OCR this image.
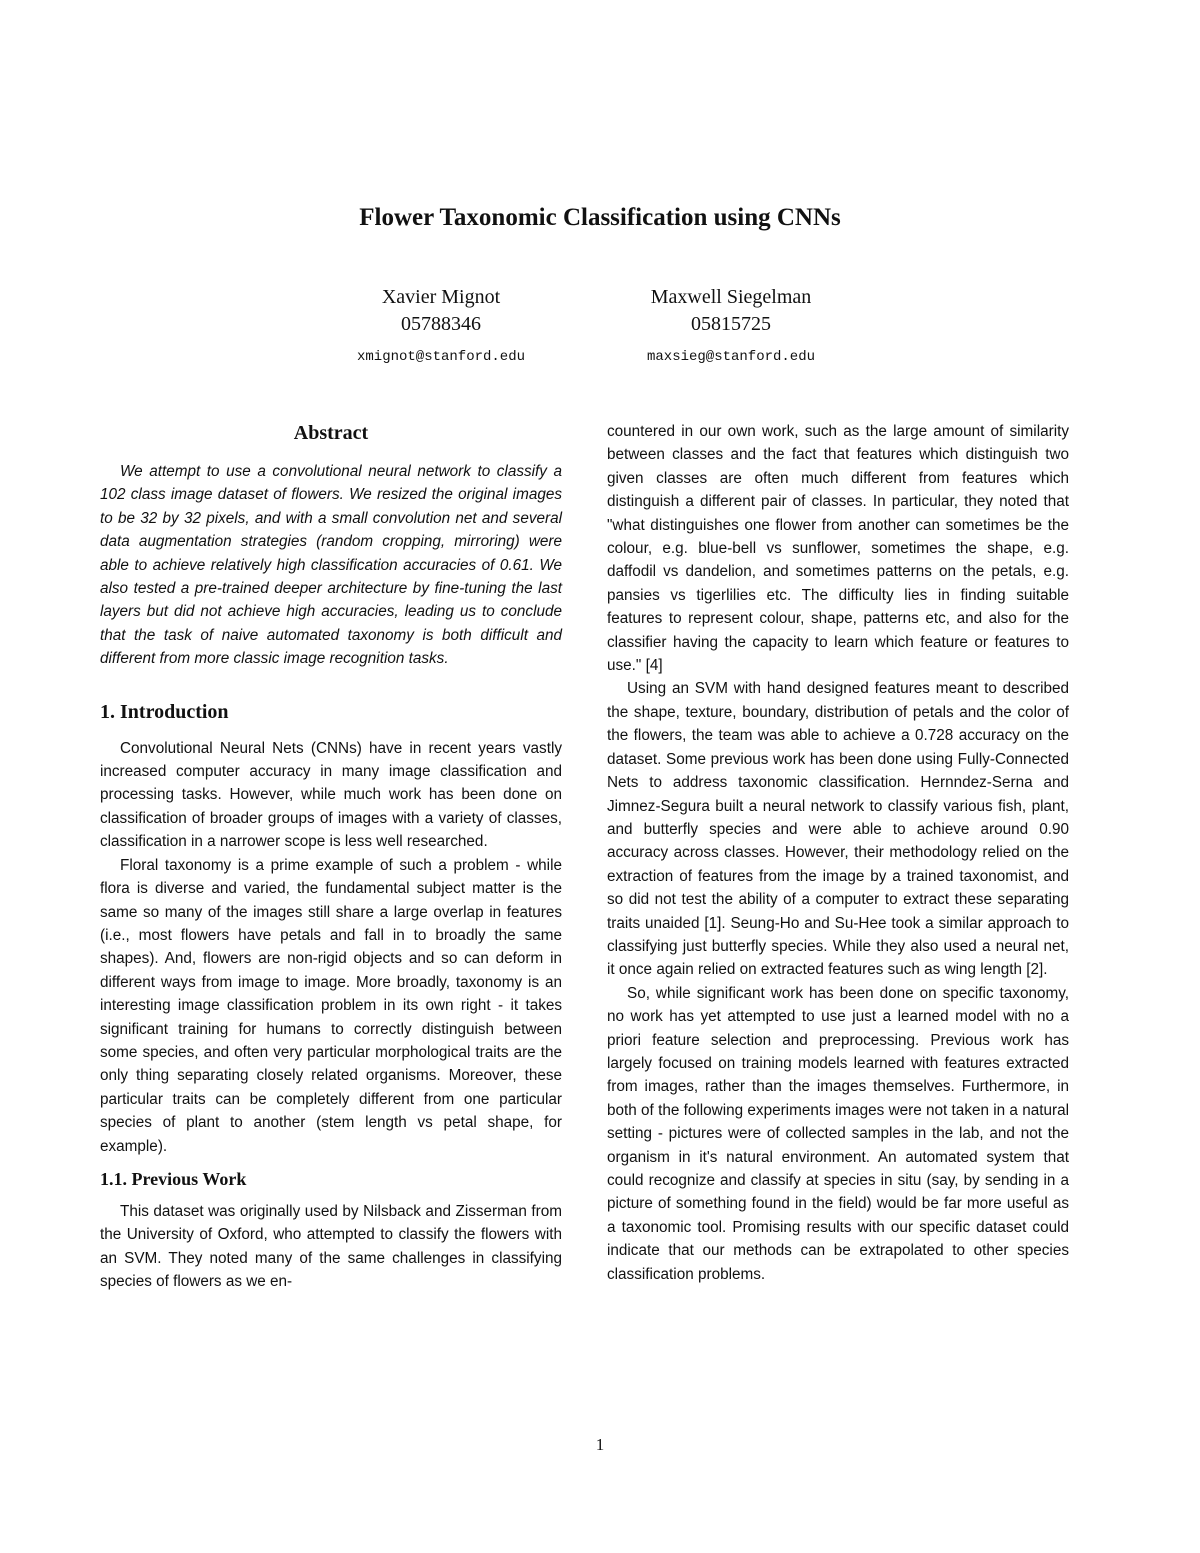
Flower Taxonomic Classification using CNNs
Xavier Mignot
05788346
xmignot@stanford.edu
Maxwell Siegelman
05815725
maxsieg@stanford.edu
Abstract

We attempt to use a convolutional neural network to classify a 102 class image dataset of flowers. We resized the original images to be 32 by 32 pixels, and with a small convolution net and several data augmentation strategies (random cropping, mirroring) were able to achieve relatively high classification accuracies of 0.61. We also tested a pre-trained deeper architecture by fine-tuning the last layers but did not achieve high accuracies, leading us to conclude that the task of naive automated taxonomy is both difficult and different from more classic image recognition tasks.

1. Introduction

Convolutional Neural Nets (CNNs) have in recent years vastly increased computer accuracy in many image classification and processing tasks. However, while much work has been done on classification of broader groups of images with a variety of classes, classification in a narrower scope is less well researched.

Floral taxonomy is a prime example of such a problem - while flora is diverse and varied, the fundamental subject matter is the same so many of the images still share a large overlap in features (i.e., most flowers have petals and fall in to broadly the same shapes). And, flowers are non-rigid objects and so can deform in different ways from image to image. More broadly, taxonomy is an interesting image classification problem in its own right - it takes significant training for humans to correctly distinguish between some species, and often very particular morphological traits are the only thing separating closely related organisms. Moreover, these particular traits can be completely different from one particular species of plant to another (stem length vs petal shape, for example).

1.1. Previous Work

This dataset was originally used by Nilsback and Zisserman from the University of Oxford, who attempted to classify the flowers with an SVM. They noted many of the same challenges in classifying species of flowers as we en-

countered in our own work, such as the large amount of similarity between classes and the fact that features which distinguish two given classes are often much different from features which distinguish a different pair of classes. In particular, they noted that "what distinguishes one flower from another can sometimes be the colour, e.g. blue-bell vs sunflower, sometimes the shape, e.g. daffodil vs dandelion, and sometimes patterns on the petals, e.g. pansies vs tigerlilies etc. The difficulty lies in finding suitable features to represent colour, shape, patterns etc, and also for the classifier having the capacity to learn which feature or features to use." [4]

Using an SVM with hand designed features meant to described the shape, texture, boundary, distribution of petals and the color of the flowers, the team was able to achieve a 0.728 accuracy on the dataset. Some previous work has been done using Fully-Connected Nets to address taxonomic classification. Hernndez-Serna and Jimnez-Segura built a neural network to classify various fish, plant, and butterfly species and were able to achieve around 0.90 accuracy across classes. However, their methodology relied on the extraction of features from the image by a trained taxonomist, and so did not test the ability of a computer to extract these separating traits unaided [1]. Seung-Ho and Su-Hee took a similar approach to classifying just butterfly species. While they also used a neural net, it once again relied on extracted features such as wing length [2].

So, while significant work has been done on specific taxonomy, no work has yet attempted to use just a learned model with no a priori feature selection and preprocessing. Previous work has largely focused on training models learned with features extracted from images, rather than the images themselves. Furthermore, in both of the following experiments images were not taken in a natural setting - pictures were of collected samples in the lab, and not the organism in it's natural environment. An automated system that could recognize and classify at species in situ (say, by sending in a picture of something found in the field) would be far more useful as a taxonomic tool. Promising results with our specific dataset could indicate that our methods can be extrapolated to other species classification problems.

1
